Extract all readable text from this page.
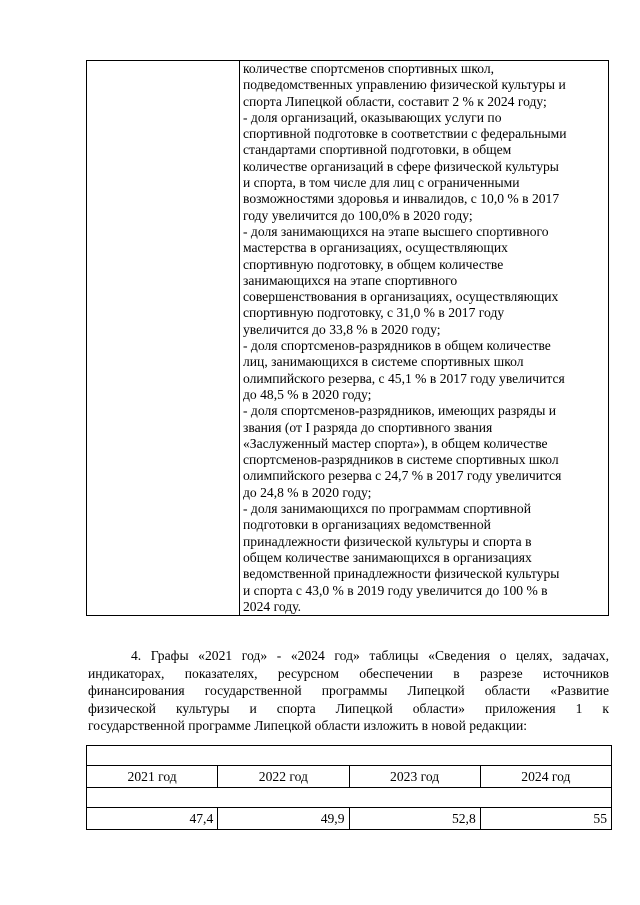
количестве спортсменов спортивных школ,
подведомственных управлению физической культуры и
спорта Липецкой области, составит 2 % к 2024 году;
- доля организаций, оказывающих услуги по
спортивной подготовке в соответствии с федеральными
стандартами спортивной подготовки, в общем
количестве организаций в сфере физической культуры
и спорта, в том числе для лиц с ограниченными
возможностями здоровья и инвалидов, с 10,0 % в 2017
году увеличится до 100,0% в 2020 году;
- доля занимающихся на этапе высшего спортивного
мастерства в организациях, осуществляющих
спортивную подготовку, в общем количестве
занимающихся на этапе спортивного
совершенствования в организациях, осуществляющих
спортивную подготовку, с 31,0 % в 2017 году
увеличится до 33,8 % в 2020 году;
- доля спортсменов-разрядников в общем количестве
лиц, занимающихся в системе спортивных школ
олимпийского резерва, с 45,1 % в 2017 году увеличится
до 48,5 % в 2020 году;
- доля спортсменов-разрядников, имеющих разряды и
звания (от I разряда до спортивного звания
«Заслуженный мастер спорта»), в общем количестве
спортсменов-разрядников в системе спортивных школ
олимпийского резерва с 24,7 % в 2017 году увеличится
до 24,8 % в 2020 году;
- доля занимающихся по программам спортивной
подготовки в организациях ведомственной
принадлежности физической культуры и спорта в
общем количестве занимающихся в организациях
ведомственной принадлежности физической культуры
и спорта с 43,0 % в 2019 году увеличится до 100 % в
2024 году.
4. Графы «2021 год» - «2024 год» таблицы «Сведения о целях, задачах,
индикаторах, показателях, ресурсном обеспечении в разрезе источников
финансирования государственной программы Липецкой области «Развитие
физической культуры и спорта Липецкой области» приложения 1 к
государственной программе Липецкой области изложить в новой редакции:

2021 год	2022 год	2023 год	2024 год

47,4	49,9	52,8	55
